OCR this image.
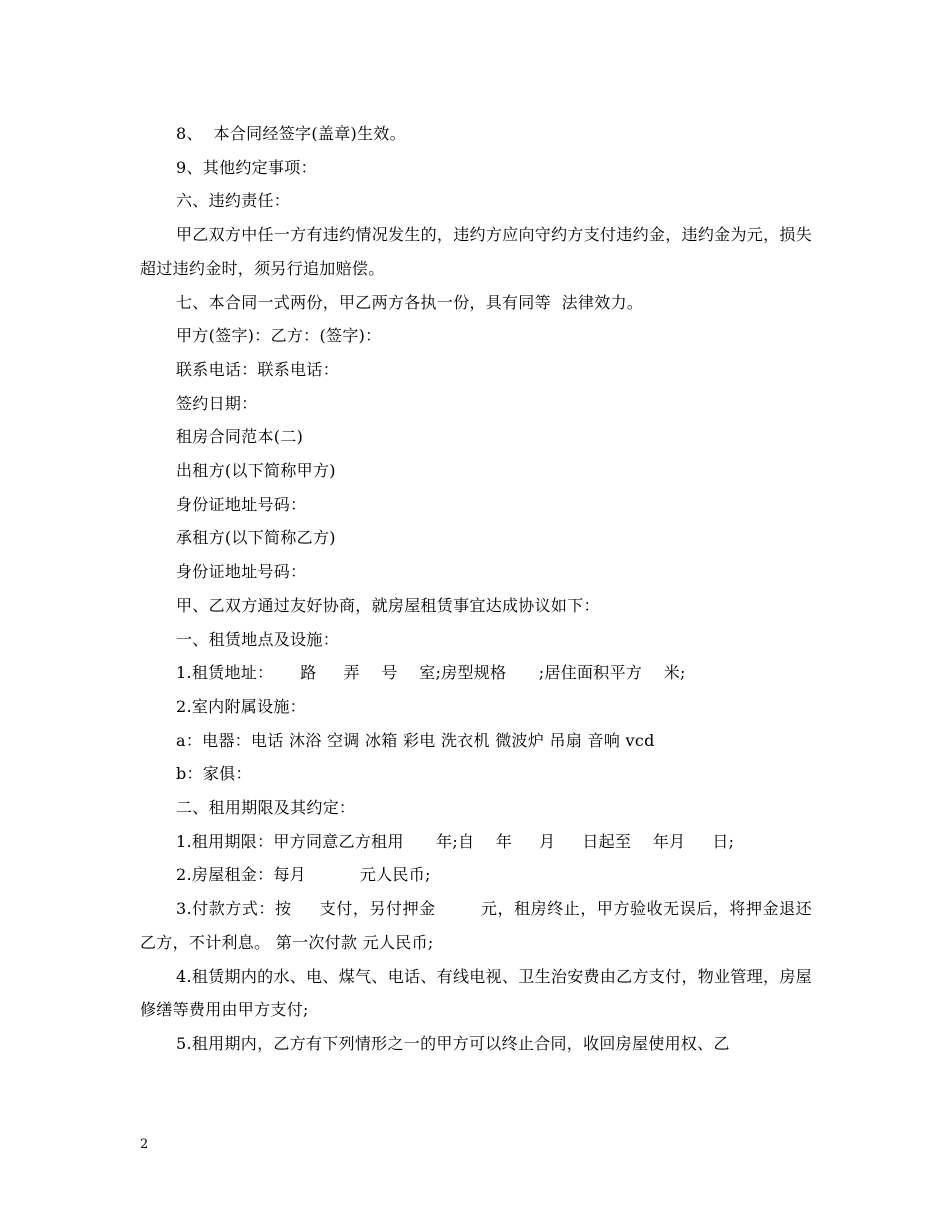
8、  本合同经签字(盖章)生效。

9、其他约定事项：

六、违约责任：

甲乙双方中任一方有违约情况发生的，违约方应向守约方支付违约金，违约金为元，损失超过违约金时，须另行追加赔偿。

七、本合同一式两份，甲乙两方各执一份，具有同等  法律效力。

甲方(签字)：乙方：(签字)：

联系电话：联系电话：

签约日期：

租房合同范本(二)

出租方(以下简称甲方)

身份证地址号码：

承租方(以下简称乙方)

身份证地址号码：

甲、乙双方通过友好协商，就房屋租赁事宜达成协议如下：

一、租赁地点及设施：

1.租赁地址：     路     弄    号    室;房型规格      ;居住面积平方    米;

2.室内附属设施：

a：电器：电话 沐浴 空调 冰箱 彩电 洗衣机 微波炉 吊扇 音响 vcd

b：家俱：

二、租用期限及其约定：

1.租用期限：甲方同意乙方租用      年;自    年     月     日起至    年月     日;

2.房屋租金：每月          元人民币;

3.付款方式：按     支付，另付押金        元，租房终止，甲方验收无误后，将押金退还乙方，不计利息。 第一次付款 元人民币;

4.租赁期内的水、电、煤气、电话、有线电视、卫生治安费由乙方支付，物业管理，房屋修缮等费用由甲方支付;

5.租用期内，乙方有下列情形之一的甲方可以终止合同，收回房屋使用权、乙

2
